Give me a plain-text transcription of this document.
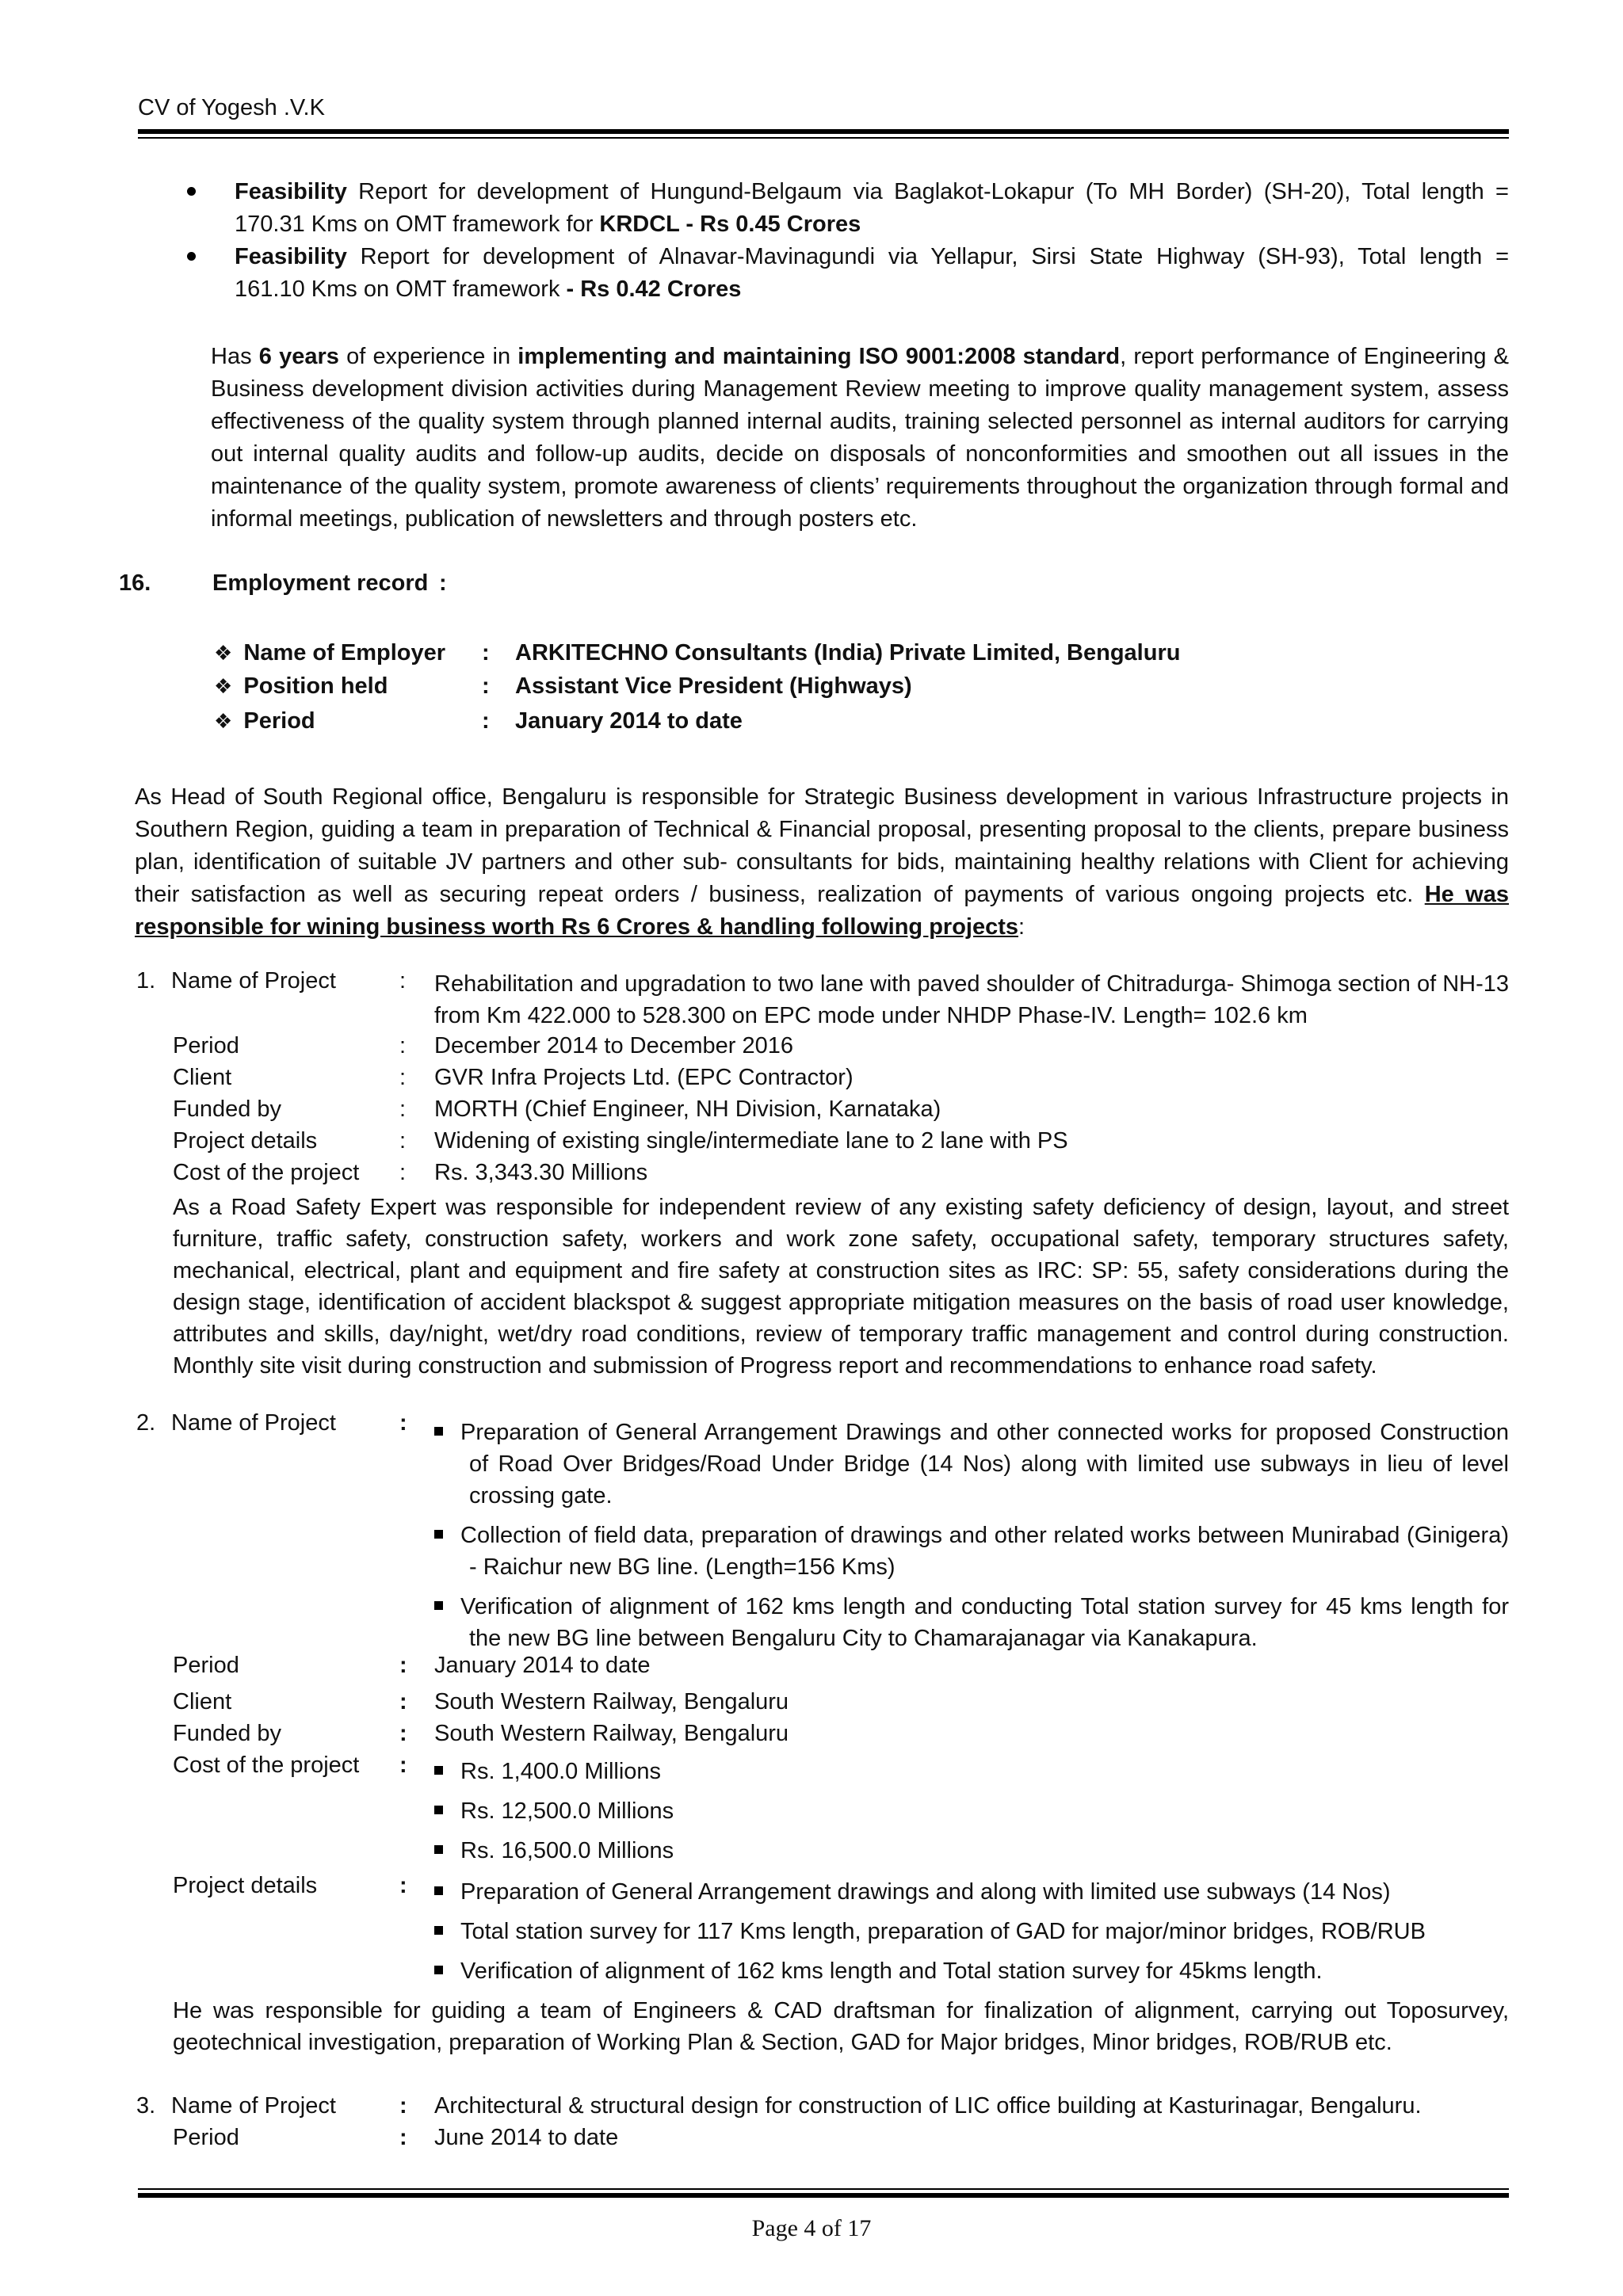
CV of Yogesh .V.K
Feasibility Report for development of Hungund-Belgaum via Baglakot-Lokapur (To MH Border) (SH-20), Total length =
170.31 Kms on OMT framework for KRDCL - Rs 0.45 Crores
Feasibility Report for development of Alnavar-Mavinagundi via Yellapur, Sirsi State Highway (SH-93), Total length =
161.10 Kms on OMT framework - Rs 0.42 Crores

Has 6 years of experience in implementing and maintaining ISO 9001:2008 standard, report performance of Engineering & Business development division activities during Management Review meeting to improve quality management system, assess effectiveness of the quality system through planned internal audits, training selected personnel as internal auditors for carrying out internal quality audits and follow-up audits, decide on disposals of nonconformities and smoothen out all issues in the maintenance of the quality system, promote awareness of clients’ requirements throughout the organization through formal and informal meetings, publication of newsletters and through posters etc.

16.	Employment record :
❖ Name of Employer : ARKITECHNO Consultants (India) Private Limited, Bengaluru
❖ Position held	: Assistant Vice President (Highways)
❖ Period	: January 2014 to date

As Head of South Regional office, Bengaluru is responsible for Strategic Business development in various Infrastructure projects in Southern Region, guiding a team in preparation of Technical & Financial proposal, presenting proposal to the clients, prepare business plan, identification of suitable JV partners and other sub- consultants for bids, maintaining healthy relations with Client for achieving their satisfaction as well as securing repeat orders / business, realization of payments of various ongoing projects etc. He was responsible for wining business worth Rs 6 Crores & handling following projects:

1. Name of Project	: Rehabilitation and upgradation to two lane with paved shoulder of Chitradurga- Shimoga section of NH-13 from Km 422.000 to 528.300 on EPC mode under NHDP Phase-IV. Length= 102.6 km
Period	: December 2014 to December 2016
Client	: GVR Infra Projects Ltd. (EPC Contractor)
Funded by	: MORTH (Chief Engineer, NH Division, Karnataka)
Project details	: Widening of existing single/intermediate lane to 2 lane with PS
Cost of the project : Rs. 3,343.30 Millions

As a Road Safety Expert was responsible for independent review of any existing safety deficiency of design, layout, and street furniture, traffic safety, construction safety, workers and work zone safety, occupational safety, temporary structures safety, mechanical, electrical, plant and equipment and fire safety at construction sites as IRC: SP: 55, safety considerations during the design stage, identification of accident blackspot & suggest appropriate mitigation measures on the basis of road user knowledge, attributes and skills, day/night, wet/dry road conditions, review of temporary traffic management and control during construction. Monthly site visit during construction and submission of Progress report and recommendations to enhance road safety.

2. Name of Project	:	Preparation of General Arrangement Drawings and other connected works for proposed Construction of Road Over Bridges/Road Under Bridge (14 Nos) along with limited use subways in lieu of level crossing gate.
Collection of field data, preparation of drawings and other related works between Munirabad (Ginigera) - Raichur new BG line. (Length=156 Kms)
Verification of alignment of 162 kms length and conducting Total station survey for 45 kms length for the new BG line between Bengaluru City to Chamarajanagar via Kanakapura.
Period	: January 2014 to date
Client	: South Western Railway, Bengaluru
Funded by	: South Western Railway, Bengaluru
Cost of the project :	Rs. 1,400.0 Millions
Rs. 12,500.0 Millions
Rs. 16,500.0 Millions
Project details	:	Preparation of General Arrangement drawings and along with limited use subways (14 Nos)
Total station survey for 117 Kms length, preparation of GAD for major/minor bridges, ROB/RUB
Verification of alignment of 162 kms length and Total station survey for 45kms length.

He was responsible for guiding a team of Engineers & CAD draftsman for finalization of alignment, carrying out Toposurvey, geotechnical investigation, preparation of Working Plan & Section, GAD for Major bridges, Minor bridges, ROB/RUB etc.

3. Name of Project	: Architectural & structural design for construction of LIC office building at Kasturinagar, Bengaluru.
Period	: June 2014 to date
Page 4 of 17
